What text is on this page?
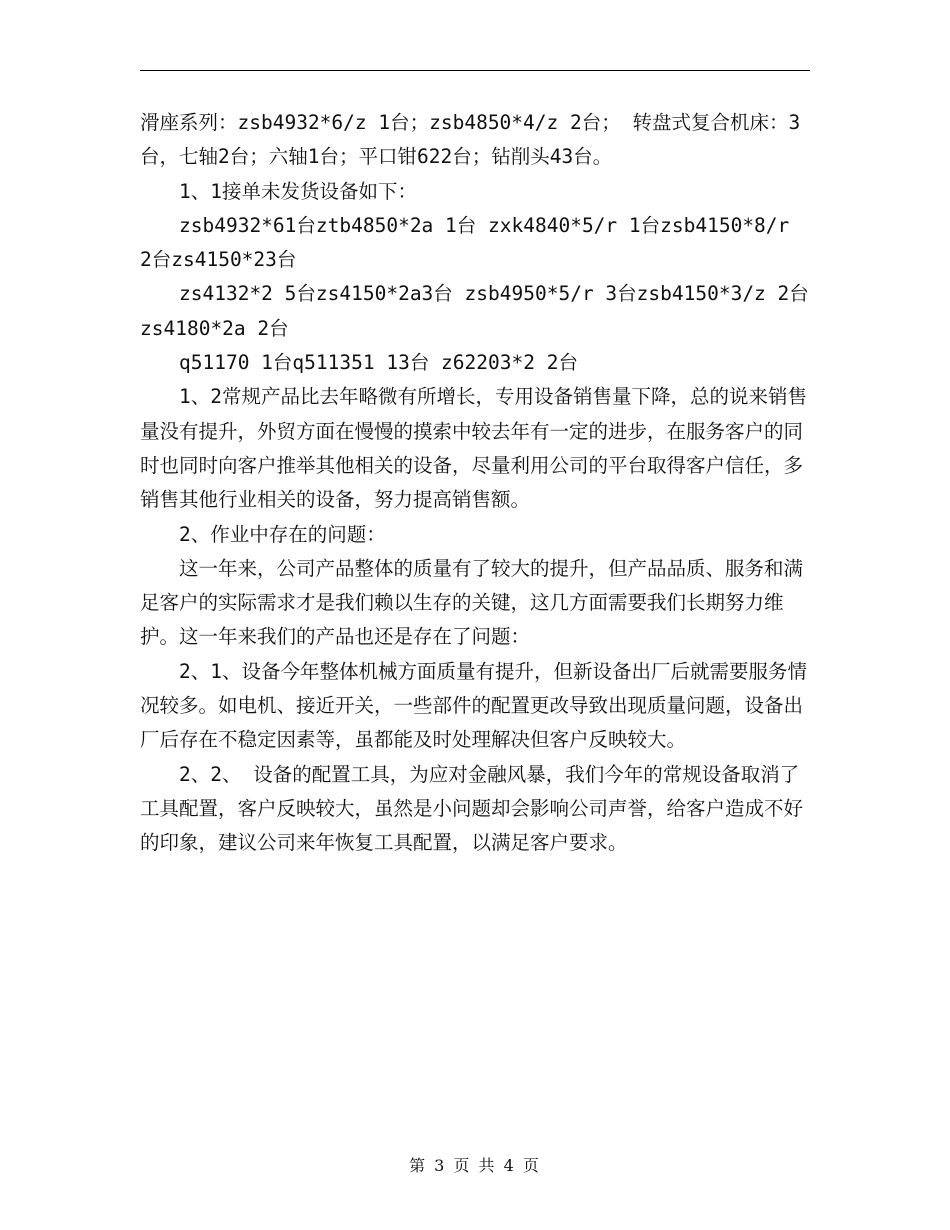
滑座系列：zsb4932*6/z 1台；zsb4850*4/z 2台； 转盘式复合机床：3台，七轴2台；六轴1台；平口钳622台；钻削头43台。

1、1接单未发货设备如下：

zsb4932*61台ztb4850*2a 1台 zxk4840*5/r 1台zsb4150*8/r 2台zs4150*23台

zs4132*2 5台zs4150*2a3台 zsb4950*5/r 3台zsb4150*3/z 2台zs4180*2a 2台

q51170 1台q511351 13台 z62203*2 2台

1、2常规产品比去年略微有所增长，专用设备销售量下降，总的说来销售量没有提升，外贸方面在慢慢的摸索中较去年有一定的进步，在服务客户的同时也同时向客户推举其他相关的设备，尽量利用公司的平台取得客户信任，多销售其他行业相关的设备，努力提高销售额。

2、作业中存在的问题：

这一年来，公司产品整体的质量有了较大的提升，但产品品质、服务和满足客户的实际需求才是我们赖以生存的关键，这几方面需要我们长期努力维护。这一年来我们的产品也还是存在了问题：

2、1、设备今年整体机械方面质量有提升，但新设备出厂后就需要服务情况较多。如电机、接近开关，一些部件的配置更改导致出现质量问题，设备出厂后存在不稳定因素等，虽都能及时处理解决但客户反映较大。

2、2、 设备的配置工具，为应对金融风暴，我们今年的常规设备取消了工具配置，客户反映较大，虽然是小问题却会影响公司声誉，给客户造成不好的印象，建议公司来年恢复工具配置，以满足客户要求。

第 3 页 共 4 页
